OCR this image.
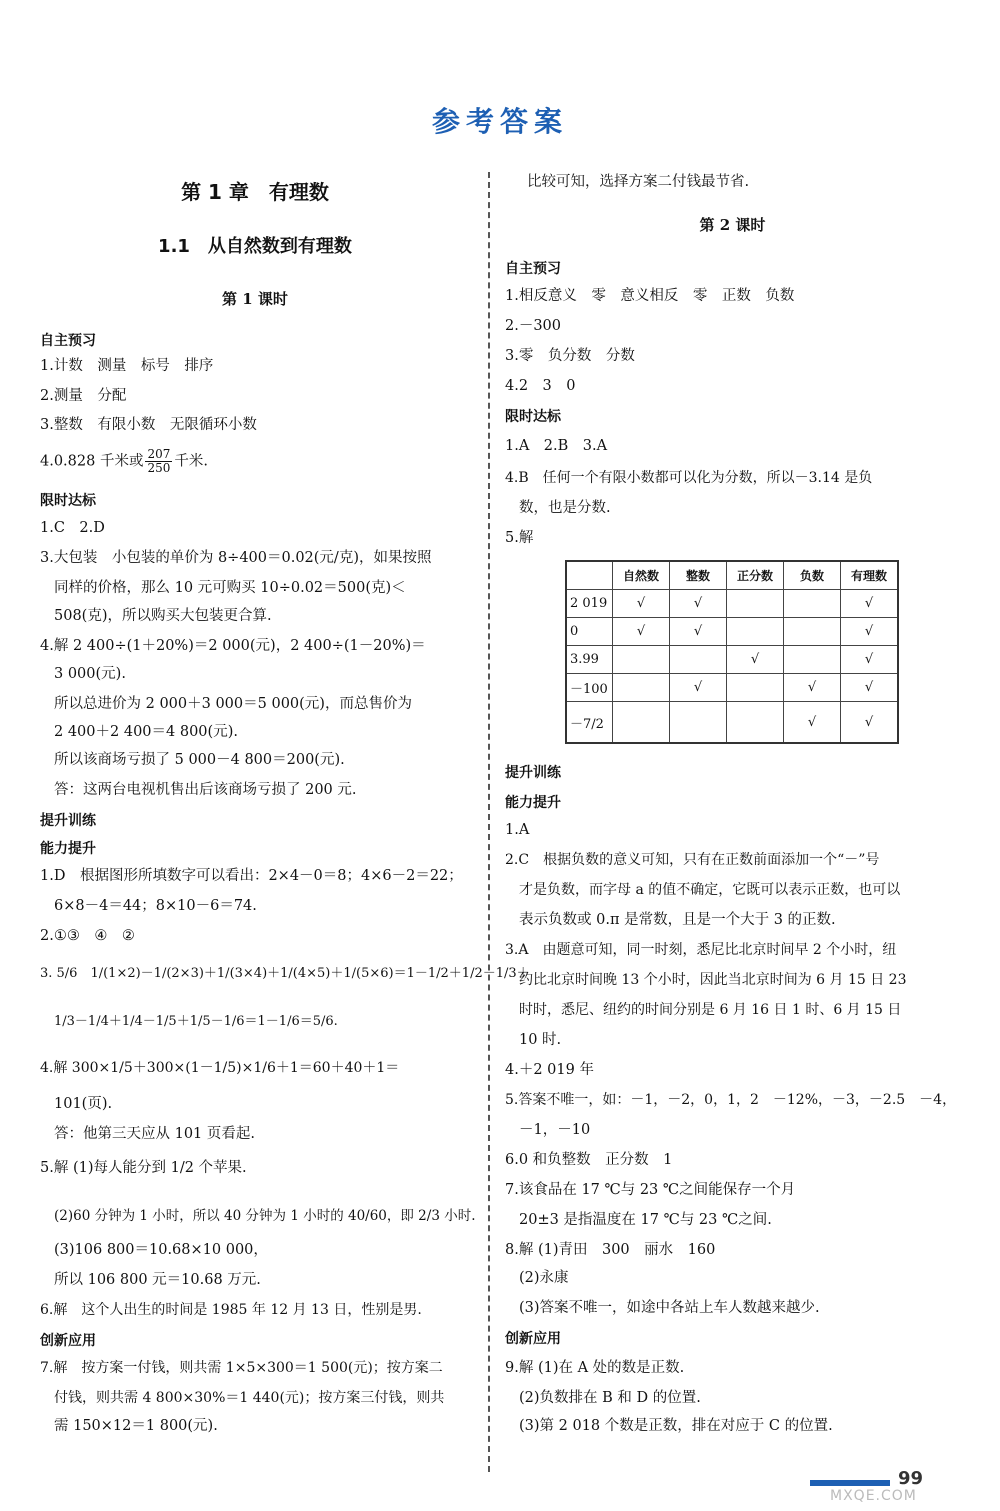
参考答案
第 1 章　有理数
1.1　从自然数到有理数
第 1 课时
自主预习
1.计数　测量　标号　排序
2.测量　分配
3.整数　有限小数　无限循环小数
4.0.828 千米或 $\frac{207}{250}$ 千米.
限时达标
1.C　2.D
3.大包装　小包装的单价为 8÷400＝0.02(元/克)，如果按照
同样的价格，那么 10 元可购买 10÷0.02＝500(克)＜
508(克)，所以购买大包装更合算.
4.解 2 400÷(1＋20%)＝2 000(元)，2 400÷(1－20%)＝
3 000(元).
所以总进价为 2 000＋3 000＝5 000(元)，而总售价为
2 400＋2 400＝4 800(元).
所以该商场亏损了 5 000－4 800＝200(元).
答：这两台电视机售出后该商场亏损了 200 元.
提升训练
能力提升
1.D　根据图形所填数字可以看出：2×4－0＝8；4×6－2＝22；
6×8－4＝44；8×10－6＝74.
2.①③　④　②
3. 5/6　1/(1×2)－1/(2×3)＋1/(3×4)＋1/(4×5)＋1/(5×6)＝1－1/2＋1/2－1/3＋
1/3－1/4＋1/4－1/5＋1/5－1/6＝1－1/6＝5/6.
4.解 300×1/5＋300×(1－1/5)×1/6＋1＝60＋40＋1＝
101(页).
答：他第三天应从 101 页看起.
5.解 (1)每人能分到 1/2 个苹果.
(2)60 分钟为 1 小时，所以 40 分钟为 1 小时的 40/60，即 2/3 小时.
(3)106 800＝10.68×10 000，
所以 106 800 元＝10.68 万元.
6.解　这个人出生的时间是 1985 年 12 月 13 日，性别是男.
创新应用
7.解　按方案一付钱，则共需 1×5×300＝1 500(元)；按方案二
付钱，则共需 4 800×30%＝1 440(元)；按方案三付钱，则共
需 150×12＝1 800(元).
比较可知，选择方案二付钱最节省.
第 2 课时
自主预习
1.相反意义　零　意义相反　零　正数　负数
2.－300
3.零　负分数　分数
4.2　3　0
限时达标
1.A　2.B　3.A
4.B　任何一个有限小数都可以化为分数，所以－3.14 是负
数，也是分数.
5.解
	自然数	整数	正分数	负数	有理数
2 019	√	√			√
0	√	√			√
3.99			√		√
－100		√		√	√
－7/2				√	√
提升训练
能力提升
1.A
2.C　根据负数的意义可知，只有在正数前面添加一个“－”号
才是负数，而字母 a 的值不确定，它既可以表示正数，也可以
表示负数或 0.π 是常数，且是一个大于 3 的正数.
3.A　由题意可知，同一时刻，悉尼比北京时间早 2 个小时，纽
约比北京时间晚 13 个小时，因此当北京时间为 6 月 15 日 23
时时，悉尼、纽约的时间分别是 6 月 16 日 1 时、6 月 15 日
10 时.
4.＋2 019 年
5.答案不唯一，如：－1，－2，0，1，2　－12%，－3，－2.5　－4，
－1，－10
6.0 和负整数　正分数　1
7.该食品在 17 ℃与 23 ℃之间能保存一个月
20±3 是指温度在 17 ℃与 23 ℃之间.
8.解 (1)青田　300　丽水　160
(2)永康
(3)答案不唯一，如途中各站上车人数越来越少.
创新应用
9.解 (1)在 A 处的数是正数.
(2)负数排在 B 和 D 的位置.
(3)第 2 018 个数是正数，排在对应于 C 的位置.
99
MXQE.COM
